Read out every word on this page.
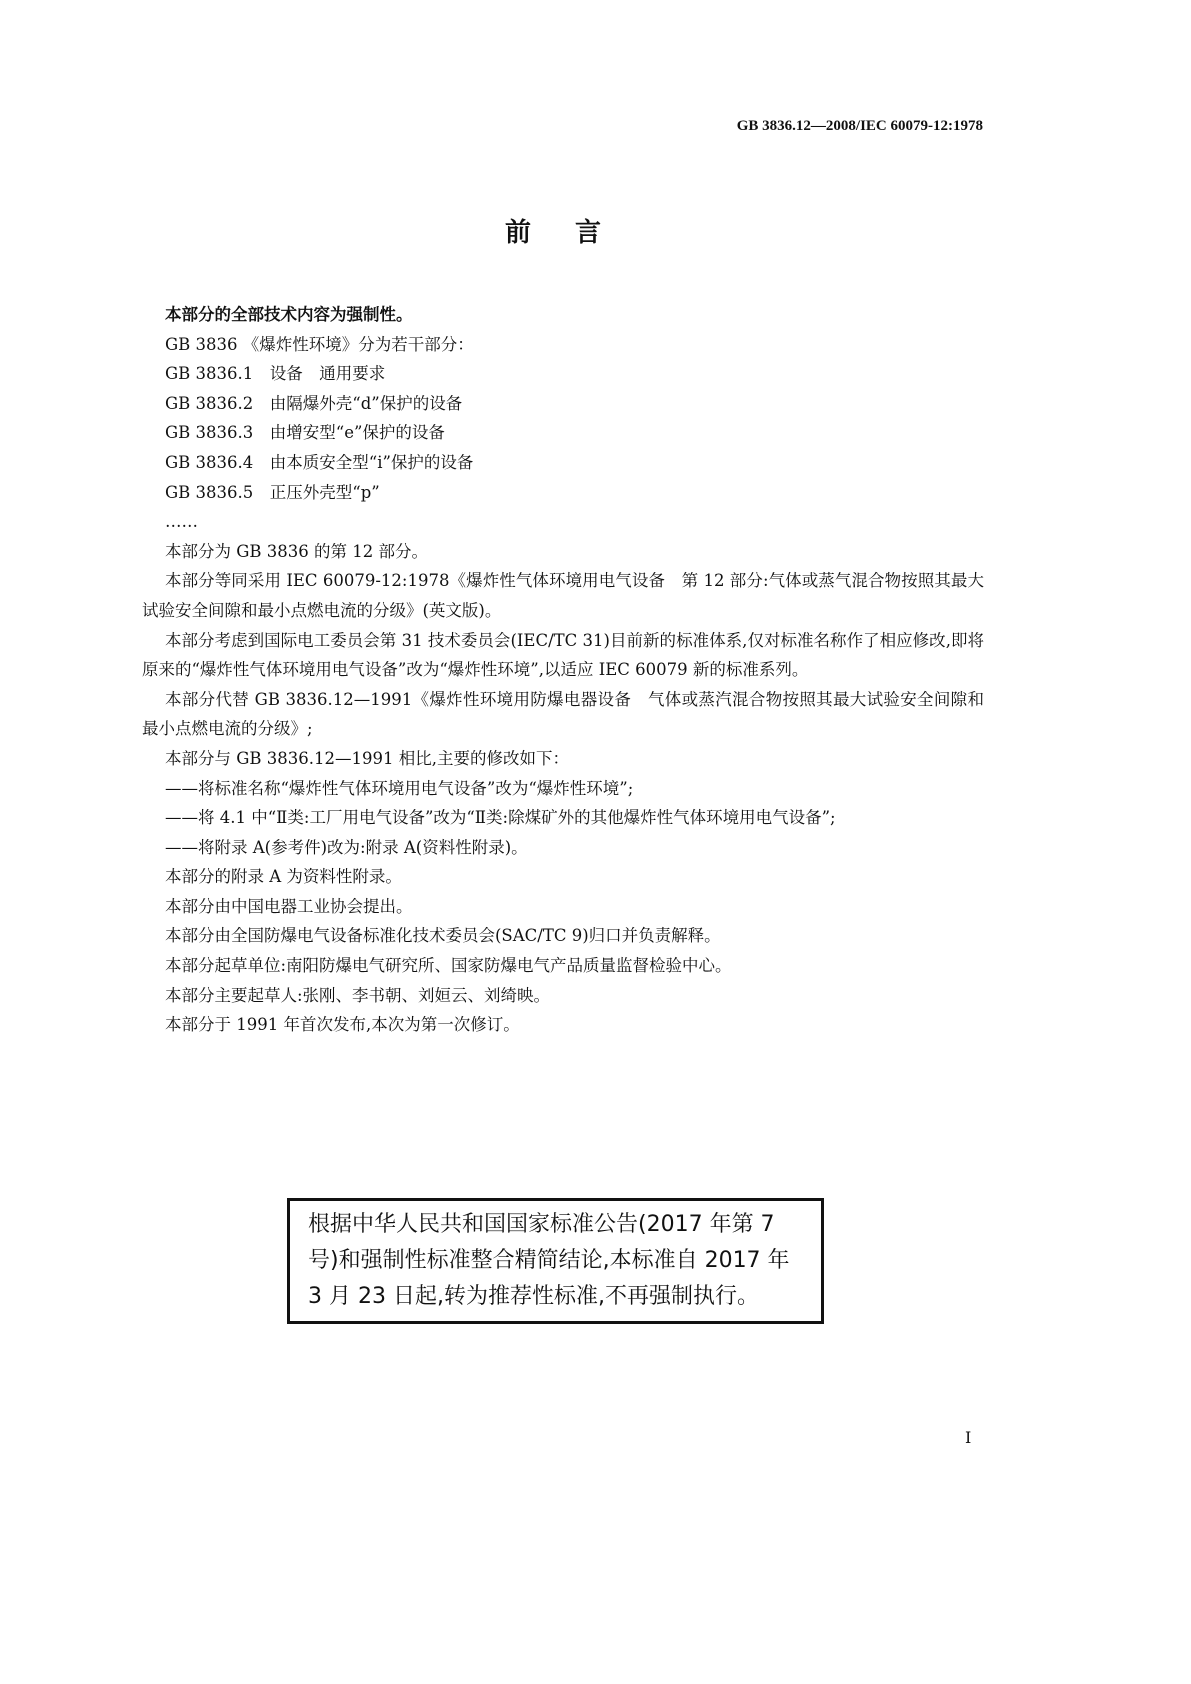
GB 3836.12—2008/IEC 60079-12:1978
前言

本部分的全部技术内容为强制性。

GB 3836 《爆炸性环境》分为若干部分：

GB 3836.1　设备　通用要求

GB 3836.2　由隔爆外壳“d”保护的设备

GB 3836.3　由增安型“e”保护的设备

GB 3836.4　由本质安全型“i”保护的设备

GB 3836.5　正压外壳型“p”

……

本部分为 GB 3836 的第 12 部分。

本部分等同采用 IEC 60079-12:1978《爆炸性气体环境用电气设备　第 12 部分:气体或蒸气混合物按照其最大试验安全间隙和最小点燃电流的分级》(英文版)。

本部分考虑到国际电工委员会第 31 技术委员会(IEC/TC 31)目前新的标准体系,仅对标准名称作了相应修改,即将原来的“爆炸性气体环境用电气设备”改为“爆炸性环境”,以适应 IEC 60079 新的标准系列。

本部分代替 GB 3836.12—1991《爆炸性环境用防爆电器设备　气体或蒸汽混合物按照其最大试验安全间隙和最小点燃电流的分级》;

本部分与 GB 3836.12—1991 相比,主要的修改如下：

——将标准名称“爆炸性气体环境用电气设备”改为“爆炸性环境”;

——将 4.1 中“Ⅱ类:工厂用电气设备”改为“Ⅱ类:除煤矿外的其他爆炸性气体环境用电气设备”;

——将附录 A(参考件)改为:附录 A(资料性附录)。

本部分的附录 A 为资料性附录。

本部分由中国电器工业协会提出。

本部分由全国防爆电气设备标准化技术委员会(SAC/TC 9)归口并负责解释。

本部分起草单位:南阳防爆电气研究所、国家防爆电气产品质量监督检验中心。

本部分主要起草人:张刚、李书朝、刘姮云、刘绮映。

本部分于 1991 年首次发布,本次为第一次修订。

根据中华人民共和国国家标准公告(2017 年第 7 号)和强制性标准整合精简结论,本标准自 2017 年 3 月 23 日起,转为推荐性标准,不再强制执行。
I
